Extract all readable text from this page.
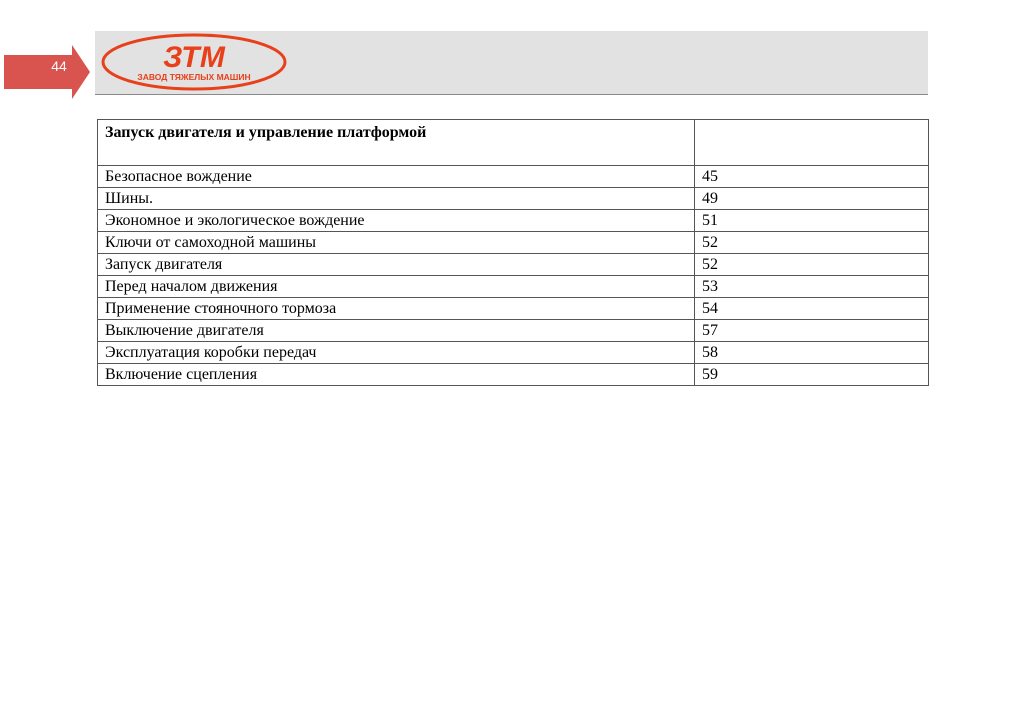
44	ЗТМ
ЗАВОД ТЯЖЕЛЫХ МАШИН
Запуск двигателя и управление платформой	
Безопасное вождение	45
Шины.	49
Экономное и экологическое вождение	51
Ключи от самоходной машины	52
Запуск двигателя	52
Перед началом движения	53
Применение стояночного тормоза	54
Выключение двигателя	57
Эксплуатация коробки передач	58
Включение сцепления	59
